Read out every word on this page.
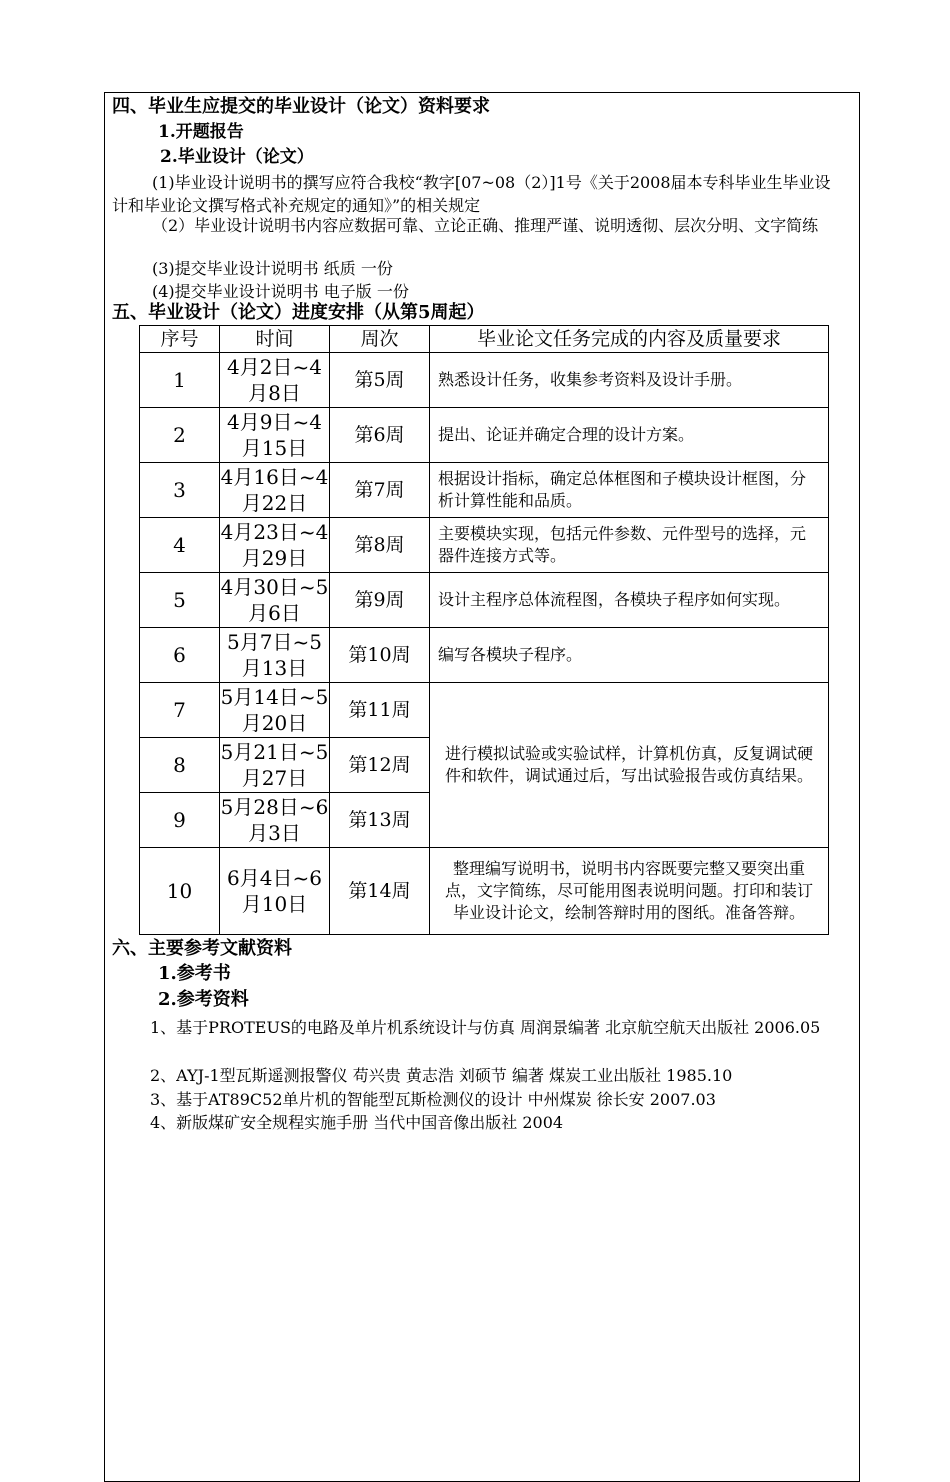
四、毕业生应提交的毕业设计（论文）资料要求
1.开题报告
2.毕业设计（论文）
(1)毕业设计说明书的撰写应符合我校“教字[07~08（2）]1号《关于2008届本专科毕业生毕业设计和毕业论文撰写格式补充规定的通知》”的相关规定
（2）毕业设计说明书内容应数据可靠、立论正确、推理严谨、说明透彻、层次分明、文字简练
(3)提交毕业设计说明书 纸质 一份
(4)提交毕业设计说明书 电子版 一份
五、毕业设计（论文）进度安排（从第5周起）
序号	时间	周次	毕业论文任务完成的内容及质量要求
1	4月2日~4月8日	第5周	熟悉设计任务，收集参考资料及设计手册。
2	4月9日~4月15日	第6周	提出、论证并确定合理的设计方案。
3	4月16日~4月22日	第7周	根据设计指标，确定总体框图和子模块设计框图，分析计算性能和品质。
4	4月23日~4月29日	第8周	主要模块实现，包括元件参数、元件型号的选择，元器件连接方式等。
5	4月30日~5月6日	第9周	设计主程序总体流程图，各模块子程序如何实现。
6	5月7日~5月13日	第10周	编写各模块子程序。
7	5月14日~5月20日	第11周	进行模拟试验或实验试样，计算机仿真，反复调试硬件和软件，调试通过后，写出试验报告或仿真结果。
8	5月21日~5月27日	第12周	
9	5月28日~6月3日	第13周	
10	6月4日~6月10日	第14周	整理编写说明书，说明书内容既要完整又要突出重点，文字简练，尽可能用图表说明问题。打印和装订毕业设计论文，绘制答辩时用的图纸。准备答辩。
六、主要参考文献资料
1.参考书
2.参考资料
1、基于PROTEUS的电路及单片机系统设计与仿真 周润景编著 北京航空航天出版社 2006.05
2、AYJ-1型瓦斯遥测报警仪 苟兴贵 黄志浩 刘硕节 编著 煤炭工业出版社 1985.10
3、基于AT89C52单片机的智能型瓦斯检测仪的设计 中州煤炭 徐长安 2007.03
4、新版煤矿安全规程实施手册 当代中国音像出版社 2004
